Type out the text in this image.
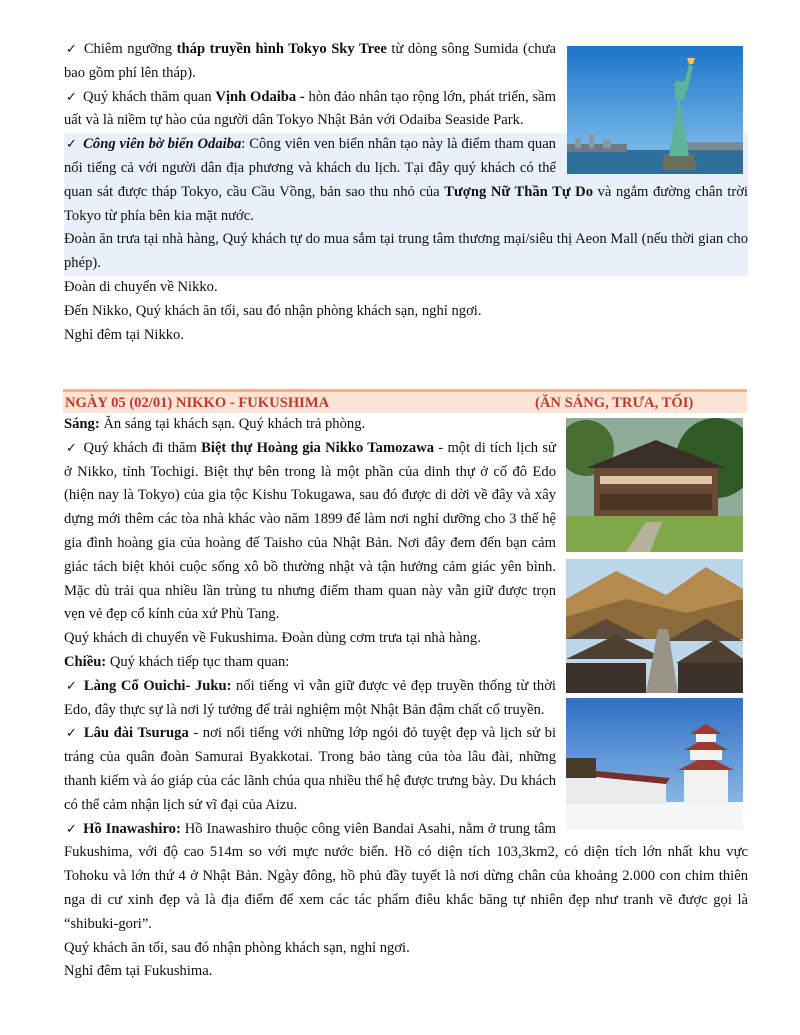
✓ Chiêm ngưỡng tháp truyền hình Tokyo Sky Tree từ dòng sông Sumida (chưa bao gồm phí lên tháp).

✓ Quý khách thăm quan Vịnh Odaiba - hòn đảo nhân tạo rộng lớn, phát triển, sầm uất và là niềm tự hào của người dân Tokyo Nhật Bản với Odaiba Seaside Park.

✓ Công viên bờ biển Odaiba: Công viên ven biển nhân tạo này là điểm tham quan nổi tiếng cả với người dân địa phương và khách du lịch. Tại đây quý khách có thể quan sát được tháp Tokyo, cầu Cầu Vồng, bản sao thu nhỏ của Tượng Nữ Thần Tự Do và ngắm đường chân trời Tokyo từ phía bên kia mặt nước.

Đoàn ăn trưa tại nhà hàng, Quý khách tự do mua sắm tại trung tâm thương mại/siêu thị Aeon Mall (nếu thời gian cho phép).

Đoàn di chuyển về Nikko.

Đến Nikko, Quý khách ăn tối, sau đó nhận phòng khách sạn, nghỉ ngơi.

Nghỉ đêm tại Nikko.

NGÀY 05 (02/01) NIKKO - FUKUSHIMA	(ĂN SÁNG, TRƯA, TỐI)

Sáng: Ăn sáng tại khách sạn. Quý khách trả phòng.

✓ Quý khách đi thăm Biệt thự Hoàng gia Nikko Tamozawa - một di tích lịch sử ở Nikko, tỉnh Tochigi. Biệt thự bên trong là một phần của dinh thự ở cố đô Edo (hiện nay là Tokyo) của gia tộc Kishu Tokugawa, sau đó được di dời về đây và xây dựng mới thêm các tòa nhà khác vào năm 1899 để làm nơi nghỉ dưỡng cho 3 thế hệ gia đình hoàng gia của hoàng đế Taisho của Nhật Bản. Nơi đây đem đến bạn cảm giác tách biệt khỏi cuộc sống xô bồ thường nhật và tận hưởng cảm giác yên bình. Mặc dù trải qua nhiều lần trùng tu nhưng điểm tham quan này vẫn giữ được trọn vẹn vẻ đẹp cổ kính của xứ Phù Tang.

Quý khách di chuyển về Fukushima. Đoàn dùng cơm trưa tại nhà hàng.

Chiều: Quý khách tiếp tục tham quan:

✓ Làng Cổ Ouichi- Juku: nổi tiếng vì vẫn giữ được vẻ đẹp truyền thống từ thời Edo, đây thực sự là nơi lý tưởng để trải nghiệm một Nhật Bản đậm chất cổ truyền.

✓ Lâu đài Tsuruga - nơi nổi tiếng với những lớp ngói đỏ tuyệt đẹp và lịch sử bi tráng của quân đoàn Samurai Byakkotai. Trong bảo tàng của tòa lâu đài, những thanh kiếm và áo giáp của các lãnh chúa qua nhiều thế hệ được trưng bày. Du khách có thể cảm nhận lịch sử vĩ đại của Aizu.

✓ Hồ Inawashiro: Hồ Inawashiro thuộc công viên Bandai Asahi, nằm ở trung tâm Fukushima, với độ cao 514m so với mực nước biển. Hồ có diện tích 103,3km2, có diện tích lớn nhất khu vực Tohoku và lớn thứ 4 ở Nhật Bản. Ngày đông, hồ phủ đầy tuyết là nơi dừng chân của khoảng 2.000 con chim thiên nga di cư xinh đẹp và là địa điểm để xem các tác phẩm điêu khắc băng tự nhiên đẹp như tranh vẽ được gọi là “shibuki-gori”.

Quý khách ăn tối, sau đó nhận phòng khách sạn, nghỉ ngơi.

Nghỉ đêm tại Fukushima.
